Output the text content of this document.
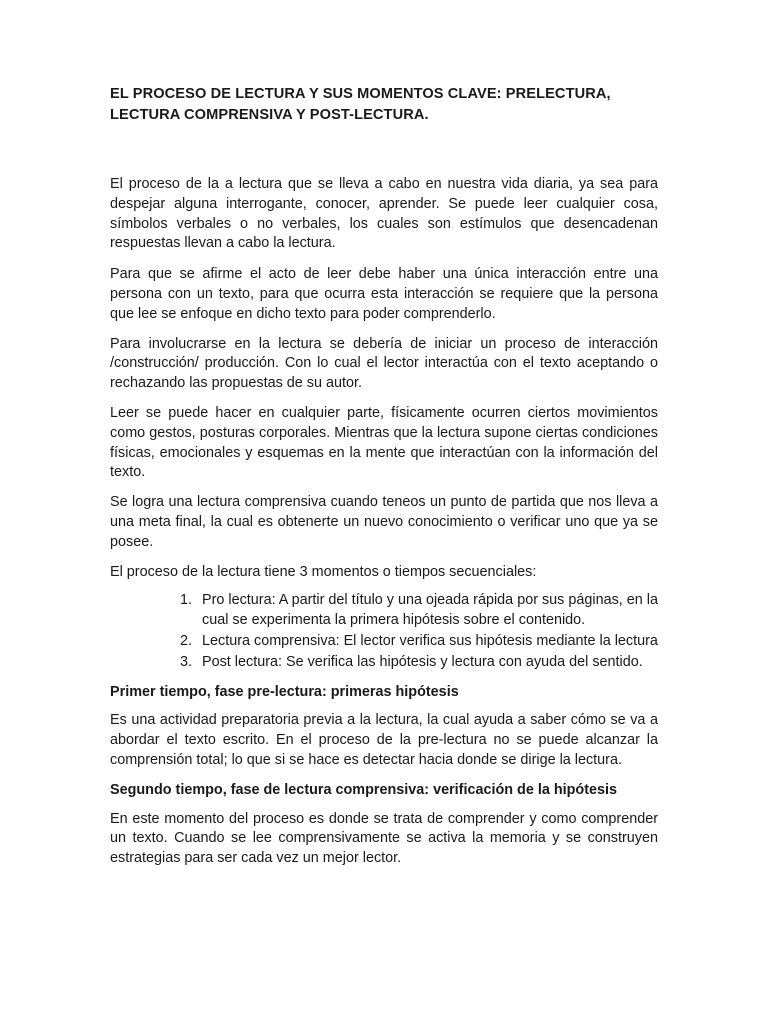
EL PROCESO DE LECTURA Y SUS MOMENTOS CLAVE: PRELECTURA, LECTURA COMPRENSIVA Y POST-LECTURA.

El proceso de la a lectura que se lleva a cabo en nuestra vida diaria, ya sea para despejar alguna interrogante, conocer, aprender. Se puede leer cualquier cosa, símbolos verbales o no verbales, los cuales son estímulos que desencadenan respuestas llevan a cabo la lectura.

Para que se afirme el acto de leer debe haber una única interacción entre una persona con un texto, para que ocurra esta interacción se requiere que la persona que lee se enfoque en dicho texto para poder comprenderlo.

Para involucrarse en la lectura se debería de iniciar un proceso de interacción /construcción/ producción. Con lo cual el lector interactúa con el texto aceptando o rechazando las propuestas de su autor.

Leer se puede hacer en cualquier parte, físicamente ocurren ciertos movimientos como gestos, posturas corporales. Mientras que la lectura supone ciertas condiciones físicas, emocionales y esquemas en la mente que interactúan con la información del texto.

Se logra una lectura comprensiva cuando teneos un punto de partida que nos lleva a una meta final, la cual es obtenerte un nuevo conocimiento o verificar uno que ya se posee.

El proceso de la lectura tiene 3 momentos o tiempos secuenciales:

1. Pro lectura: A partir del título y una ojeada rápida por sus páginas, en la cual se experimenta la primera hipótesis sobre el contenido.
2. Lectura comprensiva: El lector verifica sus hipótesis mediante la lectura
3. Post lectura: Se verifica las hipótesis y lectura con ayuda del sentido.
Primer tiempo, fase pre-lectura: primeras hipótesis

Es una actividad preparatoria previa a la lectura, la cual ayuda a saber cómo se va a abordar el texto escrito. En el proceso de la pre-lectura no se puede alcanzar la comprensión total; lo que si se hace es detectar hacia donde se dirige la lectura.

Segundo tiempo, fase de lectura comprensiva: verificación de la hipótesis

En este momento del proceso es donde se trata de comprender y como comprender un texto. Cuando se lee comprensivamente se activa la memoria y se construyen estrategias para ser cada vez un mejor lector.
